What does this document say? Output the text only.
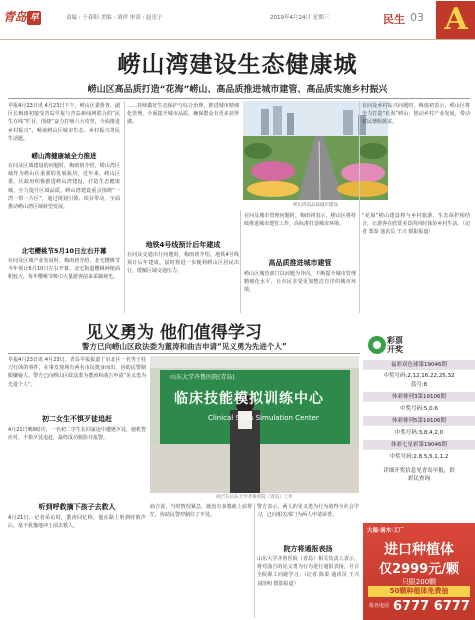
青岛 早	责编 : 于春阳 美编 : 刘祥 审读 : 赵乐宁	2019年4月24日 星期三	民生 03 A
崂山湾建设生态健康城
崂山区高品质打造“花海”崂山、高品质推进城市建管、高品质实施乡村振兴
早报4月23日讯 4月23日下午，崂山区委督查、副区长梅雨初接受青岛早报与青岛新闻网联合的“民生在线”栏目，围绕“奋力打响六大攻坚，全面推进乡村振兴”，畅谈崂山区城市生态、乡村振兴等民生话题。
崂山湾健康城全力推进
在问及区域建设的问题时，梅雨初介绍，崂山湾区域作为崂山区重要的发展板块，近年来，崂山区委、区政府积极推进崂山湾建设，打造生态健康城，全力提升区域品质。崂山湾建设重点围绕“一湾一带一片区”，通过规划引领、项目带动，全面推动崂山湾区域转型发展。
北宅樱桃节5月10日左右开幕
在问及区域产业发展时，梅雨初介绍，北宅樱桃节今年预计5月10日左右开幕。北宅街道樱桃种植面积较大，每年樱桃节吸引大量游客前来采摘观光。
……持续做好生态保护与综合治理，推进城市精细化管理，全面提升城市品质，确保群众有更多获得感。
崂山湾高品质城市建设
地铁4号线预计后年建成
在问及交通出行问题时，梅雨初介绍，地铁4号线预计后年建成。届时将进一步便利崂山区居民出行，缓解区域交通压力。
在问及城市管理问题时，梅雨初表示，崂山区将持续推进城市建管工作，高标准打造城市环境。
高品质推进城市建管
崂山区城管部门以问题为导向，不断提升城市管理精细化水平，让市民享受更加整洁有序的城市环境。
在问及乡村振兴问题时，梅雨初表示，崂山区将全力打造“花海”崂山，推动乡村产业发展，带动村民增收致富。
“花海”崂山建设将与乡村旅游、生态保护相结合，让游客在欣赏美景的同时体验乡村生活。（记者 郑泰 通讯员 王兴 摄影报道）
见义勇为 他们值得学习
警方已向崂山区政法委为董涛和曲吉申请“见义勇为先进个人”
早报4月23日讯 4月23日，青岛早报报道了市北区一名男子持刀行凶的事件，在事发现场有两名市民挺身而出，协助民警制服嫌疑人。警方已向崂山区政法委为董涛和曲吉申请“见义勇为先进个人”。
初二女生不惧歹徒追赶
4月21日晚9时许，一名初二学生在回家途中遭遇歹徒，她机智应对，不惧歹徒追赶，最终成功脱险并报警。
听到呼救摘下孩子去救人
4月21日，记者采访时，董涛回忆称，他在路上听到呼救声后，毫不犹豫地冲上前去救人。
山东大学齐鲁医院(青岛)
临床技能模拟训练中心
Clinical Skills Simulation Center
曲吉在山东大学齐鲁医院（青岛）工作
曲吉说，当时情况紧急，她没有多想就上前帮忙，协助民警控制住了歹徒。
警方表示，两人的见义勇为行为值得全社会学习，已向相关部门为两人申请荣誉。
院方将通报表扬
山东大学齐鲁医院（青岛）相关负责人表示，将对曲吉的见义勇为行为进行通报表扬，号召全院职工向她学习。（记者 陈泰 通讯员 王兴 刘泽明 摄影报道）
彩票
开奖
福彩双色球第19046期
中奖号码:2,12,16,22,25,32
蓝号:8
体彩排列3第19106期
中奖号码:5,0,6
体彩排列5第19106期
中奖号码:3,8,4,2,0
体彩七星彩第19046期
中奖号码:2,8,5,5,1,1,2
详细开奖信息见青岛早报，供
彩民查询
大福·南木·工厂
进口种植体
仅2999元/颗
只限200颗
50颗种植体免费抽
报名电话 6777 6777
